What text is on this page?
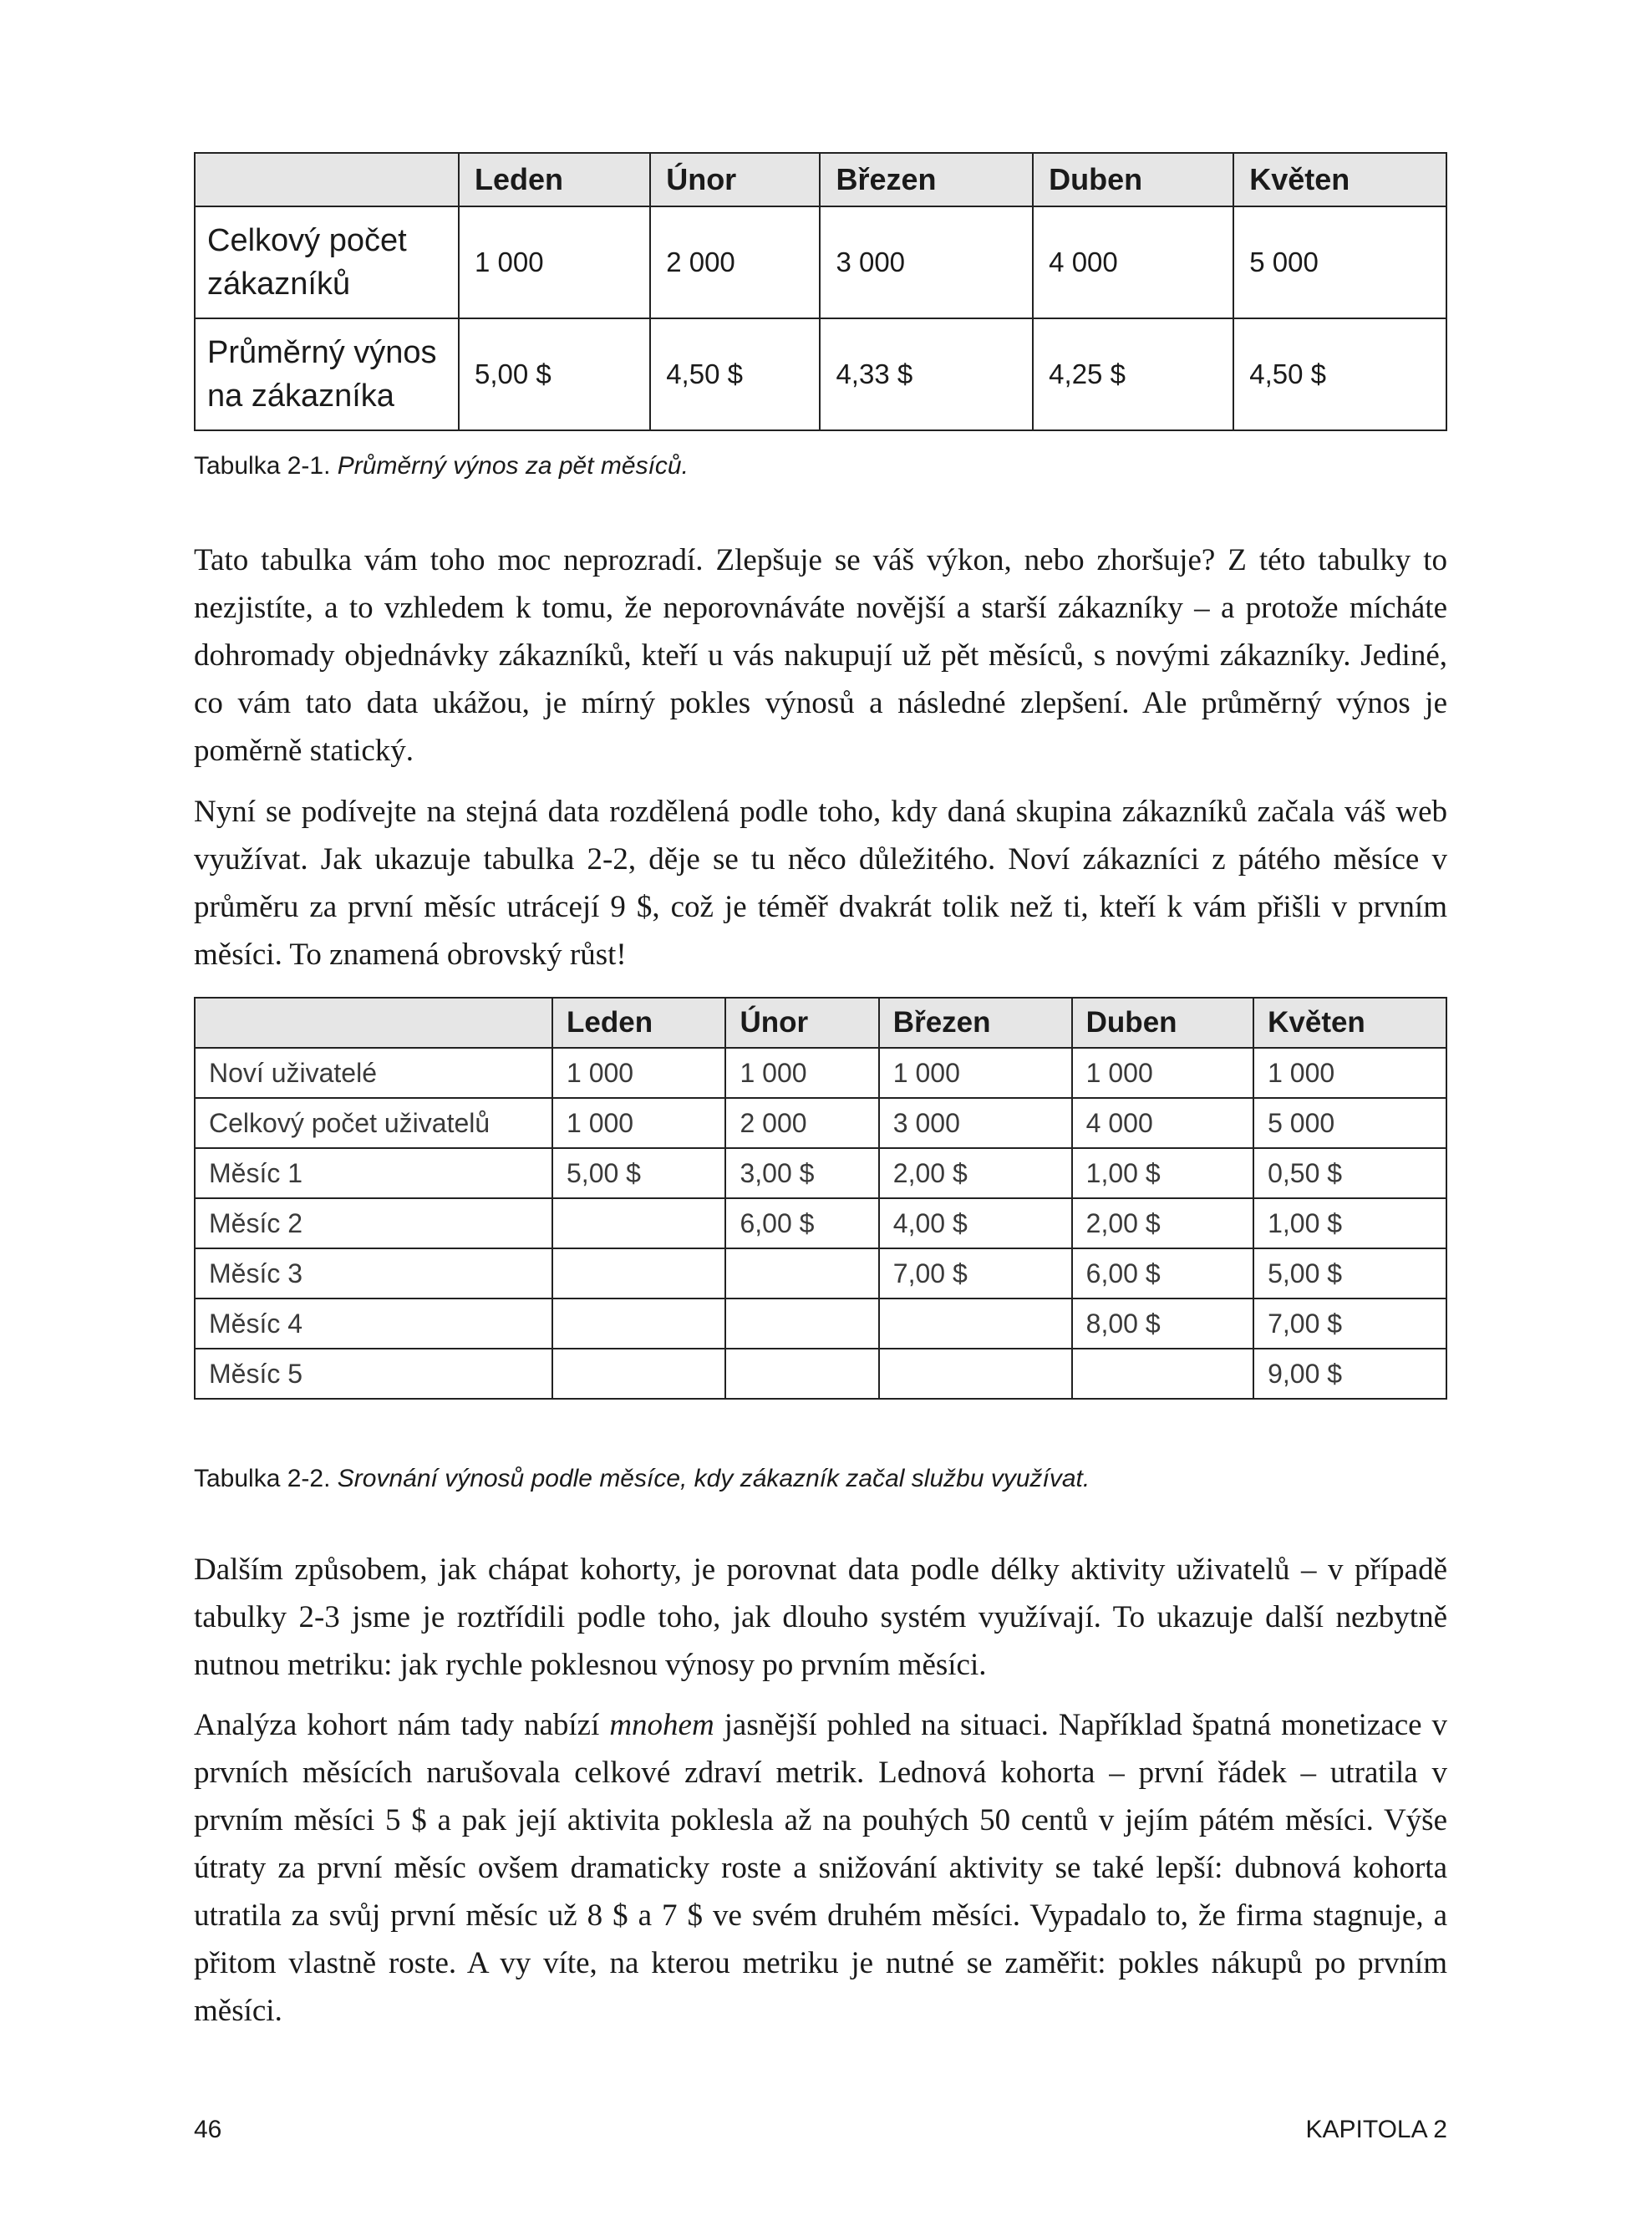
	Leden	Únor	Březen	Duben	Květen
Celkový počet zákazníků	1 000	2 000	3 000	4 000	5 000
Průměrný výnos na zákazníka	5,00 $	4,50 $	4,33 $	4,25 $	4,50 $
Tabulka 2-1. Průměrný výnos za pět měsíců.

Tato tabulka vám toho moc neprozradí. Zlepšuje se váš výkon, nebo zhoršuje? Z této tabulky to nezjistíte, a to vzhledem k tomu, že neporovnáváte novější a starší zákazníky – a protože mícháte dohromady objednávky zákazníků, kteří u vás nakupují už pět měsíců, s novými zákazníky. Jediné, co vám tato data ukážou, je mírný pokles výnosů a následné zlepšení. Ale průměrný výnos je poměrně statický.

Nyní se podívejte na stejná data rozdělená podle toho, kdy daná skupina zákazníků začala váš web využívat. Jak ukazuje tabulka 2-2, děje se tu něco důležitého. Noví zákazníci z pátého měsíce v průměru za první měsíc utrácejí 9 $, což je téměř dvakrát tolik než ti, kteří k vám přišli v prvním měsíci. To znamená obrovský růst!

	Leden	Únor	Březen	Duben	Květen
Noví uživatelé	1 000	1 000	1 000	1 000	1 000
Celkový počet uživatelů	1 000	2 000	3 000	4 000	5 000
Měsíc 1	5,00 $	3,00 $	2,00 $	1,00 $	0,50 $
Měsíc 2		6,00 $	4,00 $	2,00 $	1,00 $
Měsíc 3			7,00 $	6,00 $	5,00 $
Měsíc 4				8,00 $	7,00 $
Měsíc 5					9,00 $
Tabulka 2-2. Srovnání výnosů podle měsíce, kdy zákazník začal službu využívat.

Dalším způsobem, jak chápat kohorty, je porovnat data podle délky aktivity uživatelů – v případě tabulky 2-3 jsme je roztřídili podle toho, jak dlouho systém využívají. To ukazuje další nezbytně nutnou metriku: jak rychle poklesnou výnosy po prvním měsíci.

Analýza kohort nám tady nabízí mnohem jasnější pohled na situaci. Například špatná monetizace v prvních měsících narušovala celkové zdraví metrik. Lednová kohorta – první řádek – utratila v prvním měsíci 5 $ a pak její aktivita poklesla až na pouhých 50 centů v jejím pátém měsíci. Výše útraty za první měsíc ovšem dramaticky roste a snižování aktivity se také lepší: dubnová kohorta utratila za svůj první měsíc už 8 $ a 7 $ ve svém druhém měsíci. Vypadalo to, že firma stagnuje, a přitom vlastně roste. A vy víte, na kterou metriku je nutné se zaměřit: pokles nákupů po prvním měsíci.

46	KAPITOLA 2
